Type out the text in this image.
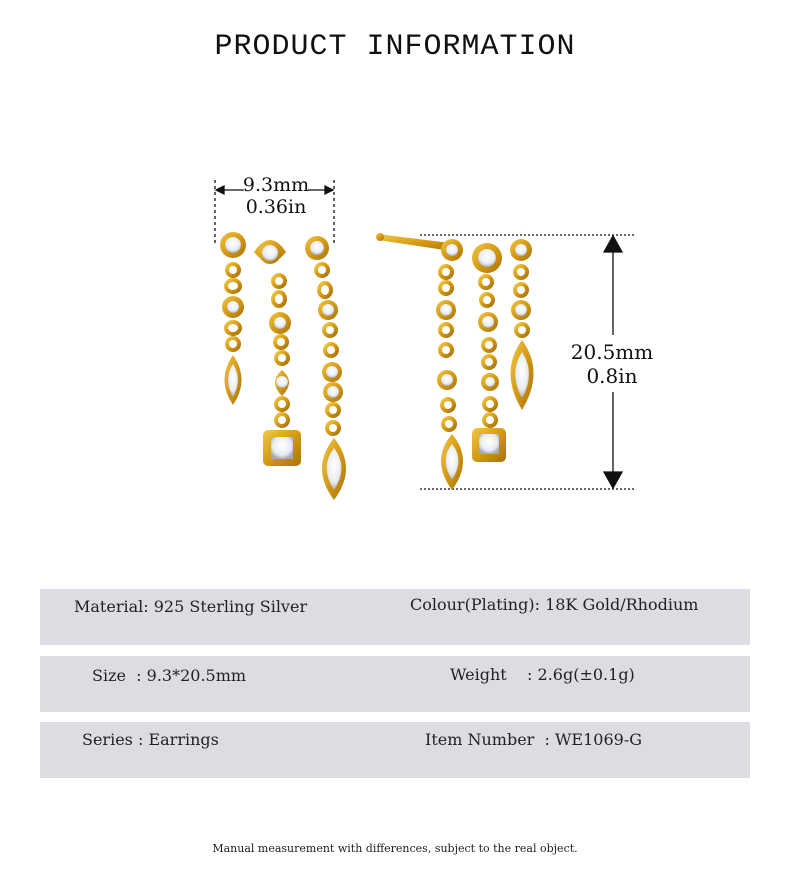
PRODUCT INFORMATION
9.3mm
0.36in
20.5mm
0.8in
Material: 925 Sterling Silver	Colour(Plating): 18K Gold/Rhodium
Size  : 9.3*20.5mm	Weight    : 2.6g(±0.1g)
Series : Earrings	Item Number  : WE1069-G
Manual measurement with differences, subject to the real object.
